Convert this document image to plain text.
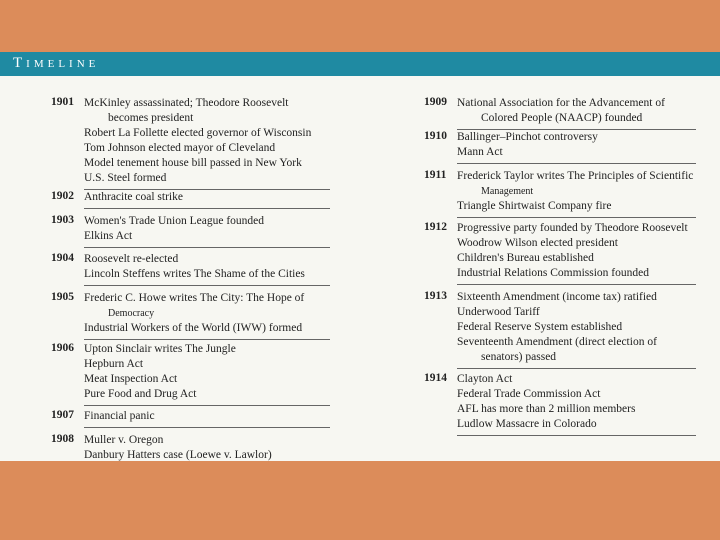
Timeline
1901 McKinley assassinated; Theodore Roosevelt
becomes president
Robert La Follette elected governor of Wisconsin
Tom Johnson elected mayor of Cleveland
Model tenement house bill passed in New York
U.S. Steel formed
1902 Anthracite coal strike
1903 Women's Trade Union League founded
Elkins Act
1904 Roosevelt re-elected
Lincoln Steffens writes The Shame of the Cities
1905 Frederic C. Howe writes The City: The Hope of
Democracy
Industrial Workers of the World (IWW) formed
1906 Upton Sinclair writes The Jungle
Hepburn Act
Meat Inspection Act
Pure Food and Drug Act
1907 Financial panic
1908 Muller v. Oregon
Danbury Hatters case (Loewe v. Lawlor)
1909 National Association for the Advancement of
Colored People (NAACP) founded
1910 Ballinger–Pinchot controversy
Mann Act
1911 Frederick Taylor writes The Principles of Scientific
Management
Triangle Shirtwaist Company fire
1912 Progressive party founded by Theodore Roosevelt
Woodrow Wilson elected president
Children's Bureau established
Industrial Relations Commission founded
1913 Sixteenth Amendment (income tax) ratified
Underwood Tariff
Federal Reserve System established
Seventeenth Amendment (direct election of
senators) passed
1914 Clayton Act
Federal Trade Commission Act
AFL has more than 2 million members
Ludlow Massacre in Colorado
